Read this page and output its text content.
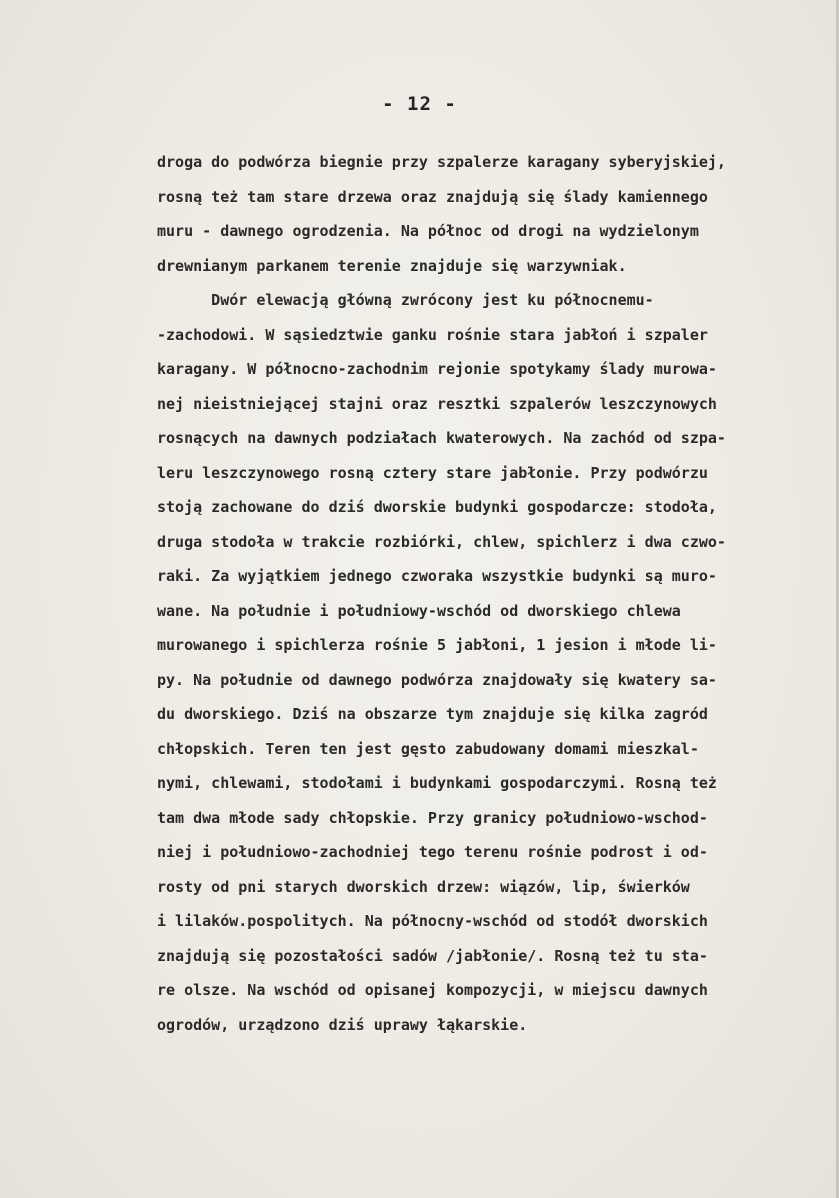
- 12 -
droga do podwórza biegnie przy szpalerze karagany syberyjskiej,
rosną też tam stare drzewa oraz znajdują się ślady kamiennego
muru - dawnego ogrodzenia. Na północ od drogi na wydzielonym
drewnianym parkanem terenie znajduje się warzywniak.
Dwór elewacją główną zwrócony jest ku północnemu-
-zachodowi. W sąsiedztwie ganku rośnie stara jabłoń i szpaler
karagany. W północno-zachodnim rejonie spotykamy ślady murowa-
nej nieistniejącej stajni oraz resztki szpalerów leszczynowych
rosnących na dawnych podziałach kwaterowych. Na zachód od szpa-
leru leszczynowego rosną cztery stare jabłonie. Przy podwórzu
stoją zachowane do dziś dworskie budynki gospodarcze: stodoła,
druga stodoła w trakcie rozbiórki, chlew, spichlerz i dwa czwo-
raki. Za wyjątkiem jednego czworaka wszystkie budynki są muro-
wane. Na południe i południowy-wschód od dworskiego chlewa
murowanego i spichlerza rośnie 5 jabłoni, 1 jesion i młode li-
py. Na południe od dawnego podwórza znajdowały się kwatery sa-
du dworskiego. Dziś na obszarze tym znajduje się kilka zagród
chłopskich. Teren ten jest gęsto zabudowany domami mieszkal-
nymi, chlewami, stodołami i budynkami gospodarczymi. Rosną też
tam dwa młode sady chłopskie. Przy granicy południowo-wschod-
niej i południowo-zachodniej tego terenu rośnie podrost i od-
rosty od pni starych dworskich drzew: wiązów, lip, świerków
i lilaków.pospolitych. Na północny-wschód od stodół dworskich
znajdują się pozostałości sadów /jabłonie/. Rosną też tu sta-
re olsze. Na wschód od opisanej kompozycji, w miejscu dawnych
ogrodów, urządzono dziś uprawy łąkarskie.
